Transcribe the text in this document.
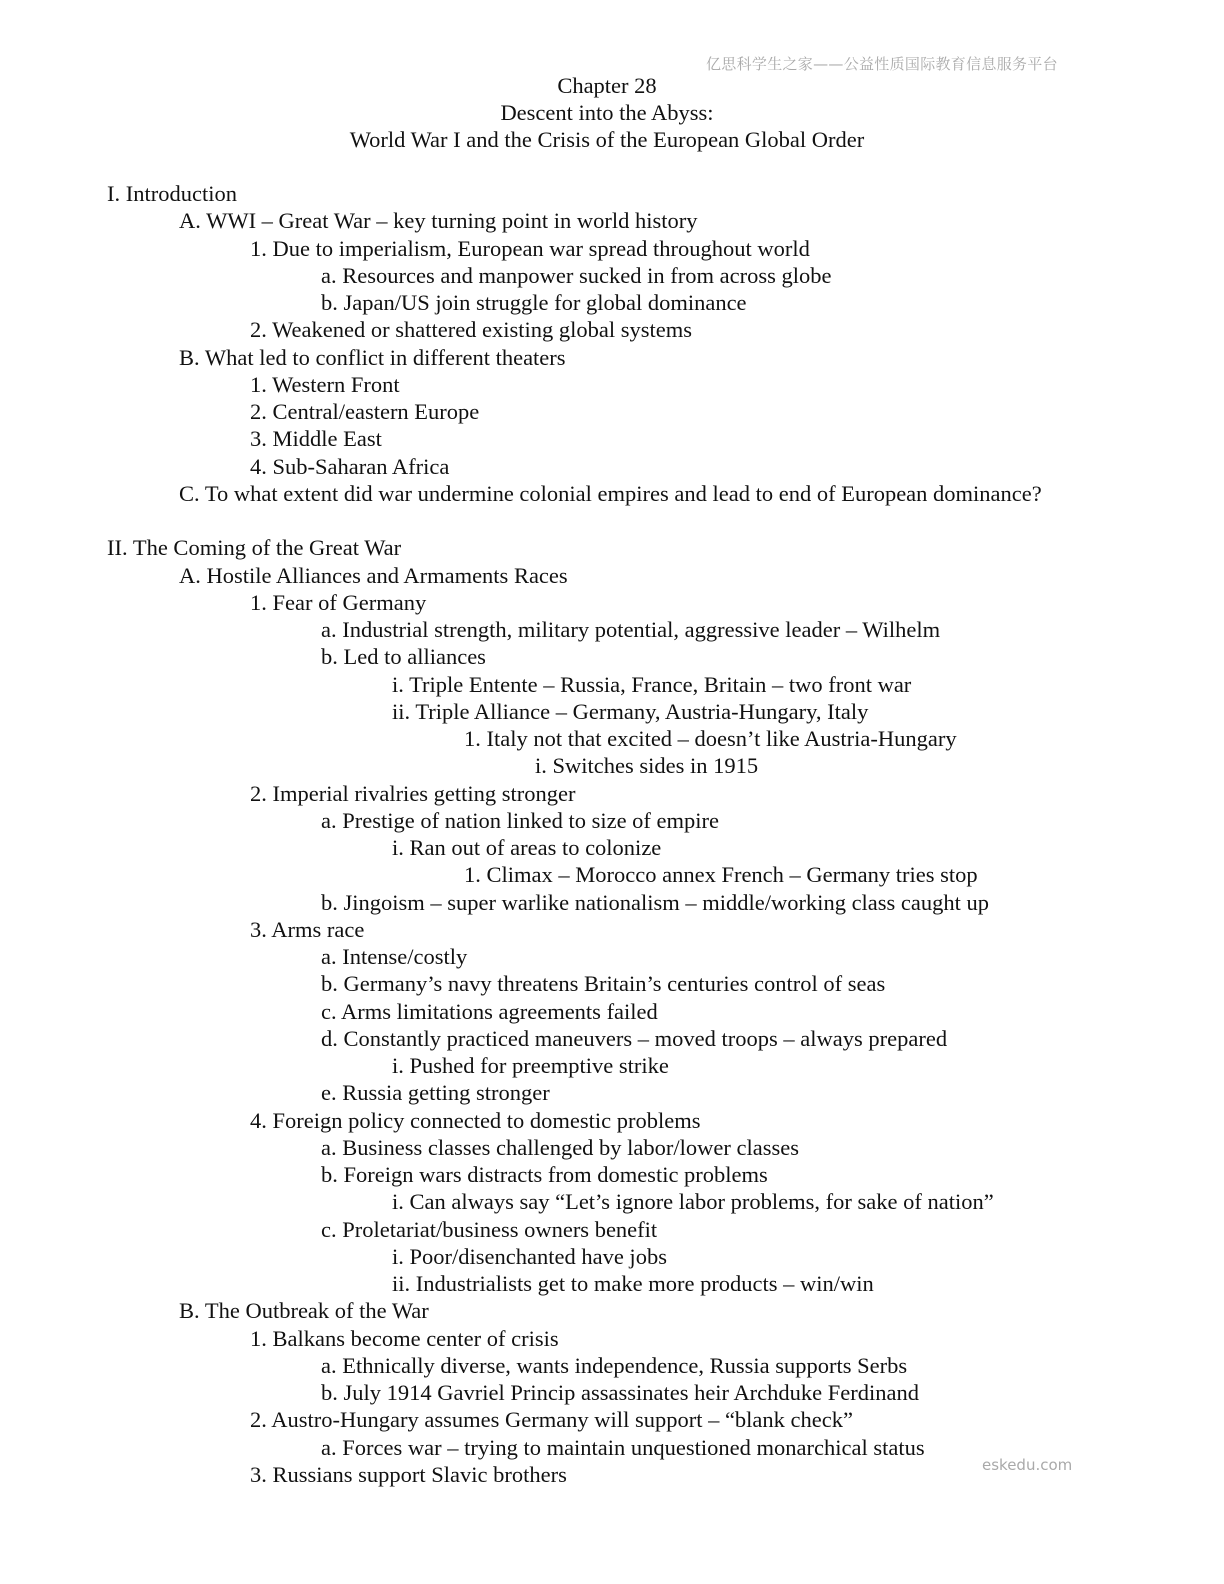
亿思科学生之家——公益性质国际教育信息服务平台
Chapter 28
Descent into the Abyss:
World War I and the Crisis of the European Global Order
I. Introduction
A. WWI – Great War – key turning point in world history
1. Due to imperialism, European war spread throughout world
a. Resources and manpower sucked in from across globe
b. Japan/US join struggle for global dominance
2. Weakened or shattered existing global systems
B. What led to conflict in different theaters
1. Western Front
2. Central/eastern Europe
3. Middle East
4. Sub-Saharan Africa
C. To what extent did war undermine colonial empires and lead to end of European dominance?
II. The Coming of the Great War
A. Hostile Alliances and Armaments Races
1. Fear of Germany
a. Industrial strength, military potential, aggressive leader – Wilhelm
b. Led to alliances
i. Triple Entente – Russia, France, Britain – two front war
ii. Triple Alliance – Germany, Austria-Hungary, Italy
1. Italy not that excited – doesn’t like Austria-Hungary
i. Switches sides in 1915
2. Imperial rivalries getting stronger
a. Prestige of nation linked to size of empire
i. Ran out of areas to colonize
1. Climax – Morocco annex French – Germany tries stop
b. Jingoism – super warlike nationalism – middle/working class caught up
3. Arms race
a. Intense/costly
b. Germany’s navy threatens Britain’s centuries control of seas
c. Arms limitations agreements failed
d. Constantly practiced maneuvers – moved troops – always prepared
i. Pushed for preemptive strike
e. Russia getting stronger
4. Foreign policy connected to domestic problems
a. Business classes challenged by labor/lower classes
b. Foreign wars distracts from domestic problems
i. Can always say “Let’s ignore labor problems, for sake of nation”
c. Proletariat/business owners benefit
i. Poor/disenchanted have jobs
ii. Industrialists get to make more products – win/win
B. The Outbreak of the War
1. Balkans become center of crisis
a. Ethnically diverse, wants independence, Russia supports Serbs
b. July 1914 Gavriel Princip assassinates heir Archduke Ferdinand
2. Austro-Hungary assumes Germany will support – “blank check”
a. Forces war – trying to maintain unquestioned monarchical status
3. Russians support Slavic brothers	eskedu.com
